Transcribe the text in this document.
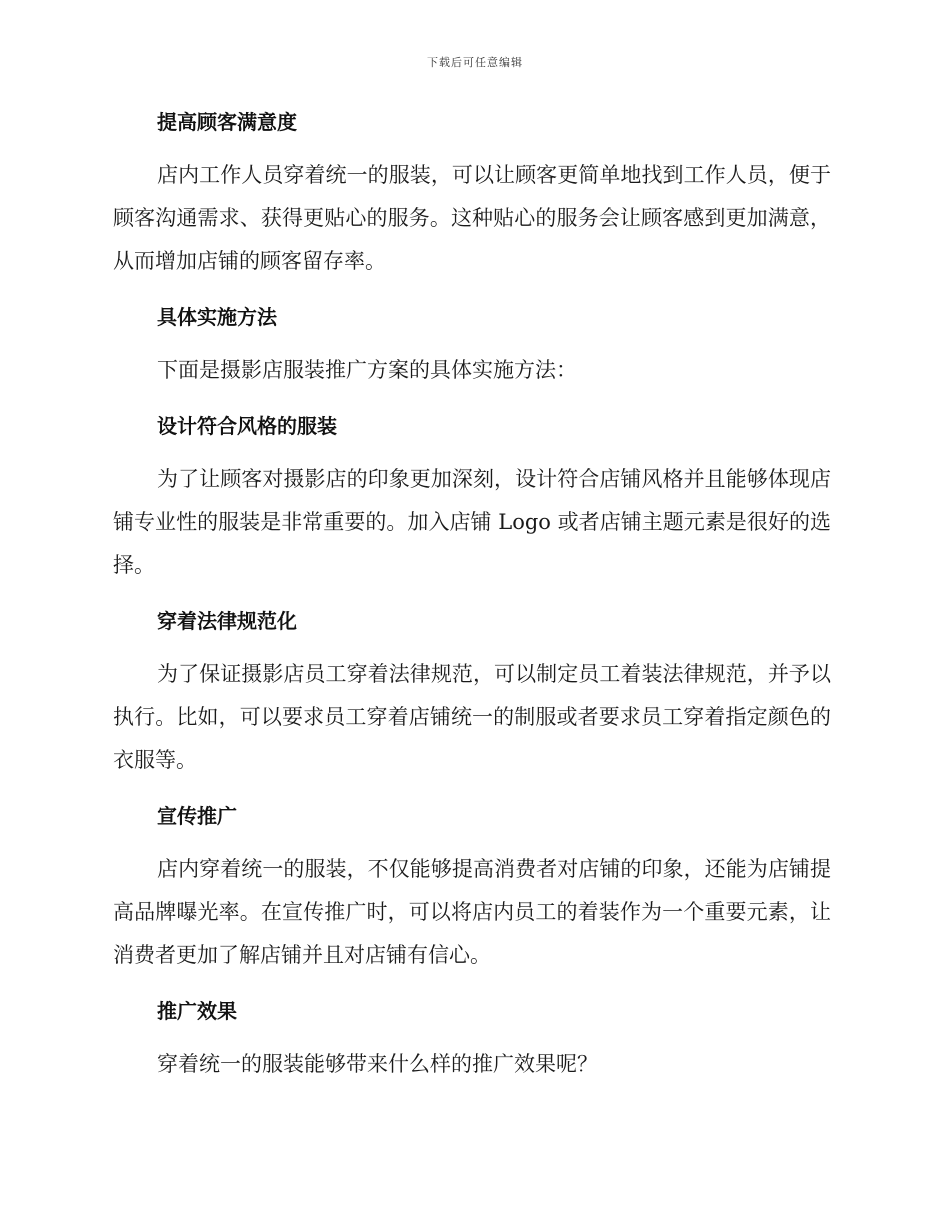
下载后可任意编辑
提高顾客满意度

店内工作人员穿着统一的服装，可以让顾客更简单地找到工作人员，便于顾客沟通需求、获得更贴心的服务。这种贴心的服务会让顾客感到更加满意，从而增加店铺的顾客留存率。

具体实施方法

下面是摄影店服装推广方案的具体实施方法：

设计符合风格的服装

为了让顾客对摄影店的印象更加深刻，设计符合店铺风格并且能够体现店铺专业性的服装是非常重要的。加入店铺 Logo 或者店铺主题元素是很好的选择。

穿着法律规范化

为了保证摄影店员工穿着法律规范，可以制定员工着装法律规范，并予以执行。比如，可以要求员工穿着店铺统一的制服或者要求员工穿着指定颜色的衣服等。

宣传推广

店内穿着统一的服装，不仅能够提高消费者对店铺的印象，还能为店铺提高品牌曝光率。在宣传推广时，可以将店内员工的着装作为一个重要元素，让消费者更加了解店铺并且对店铺有信心。

推广效果

穿着统一的服装能够带来什么样的推广效果呢？
